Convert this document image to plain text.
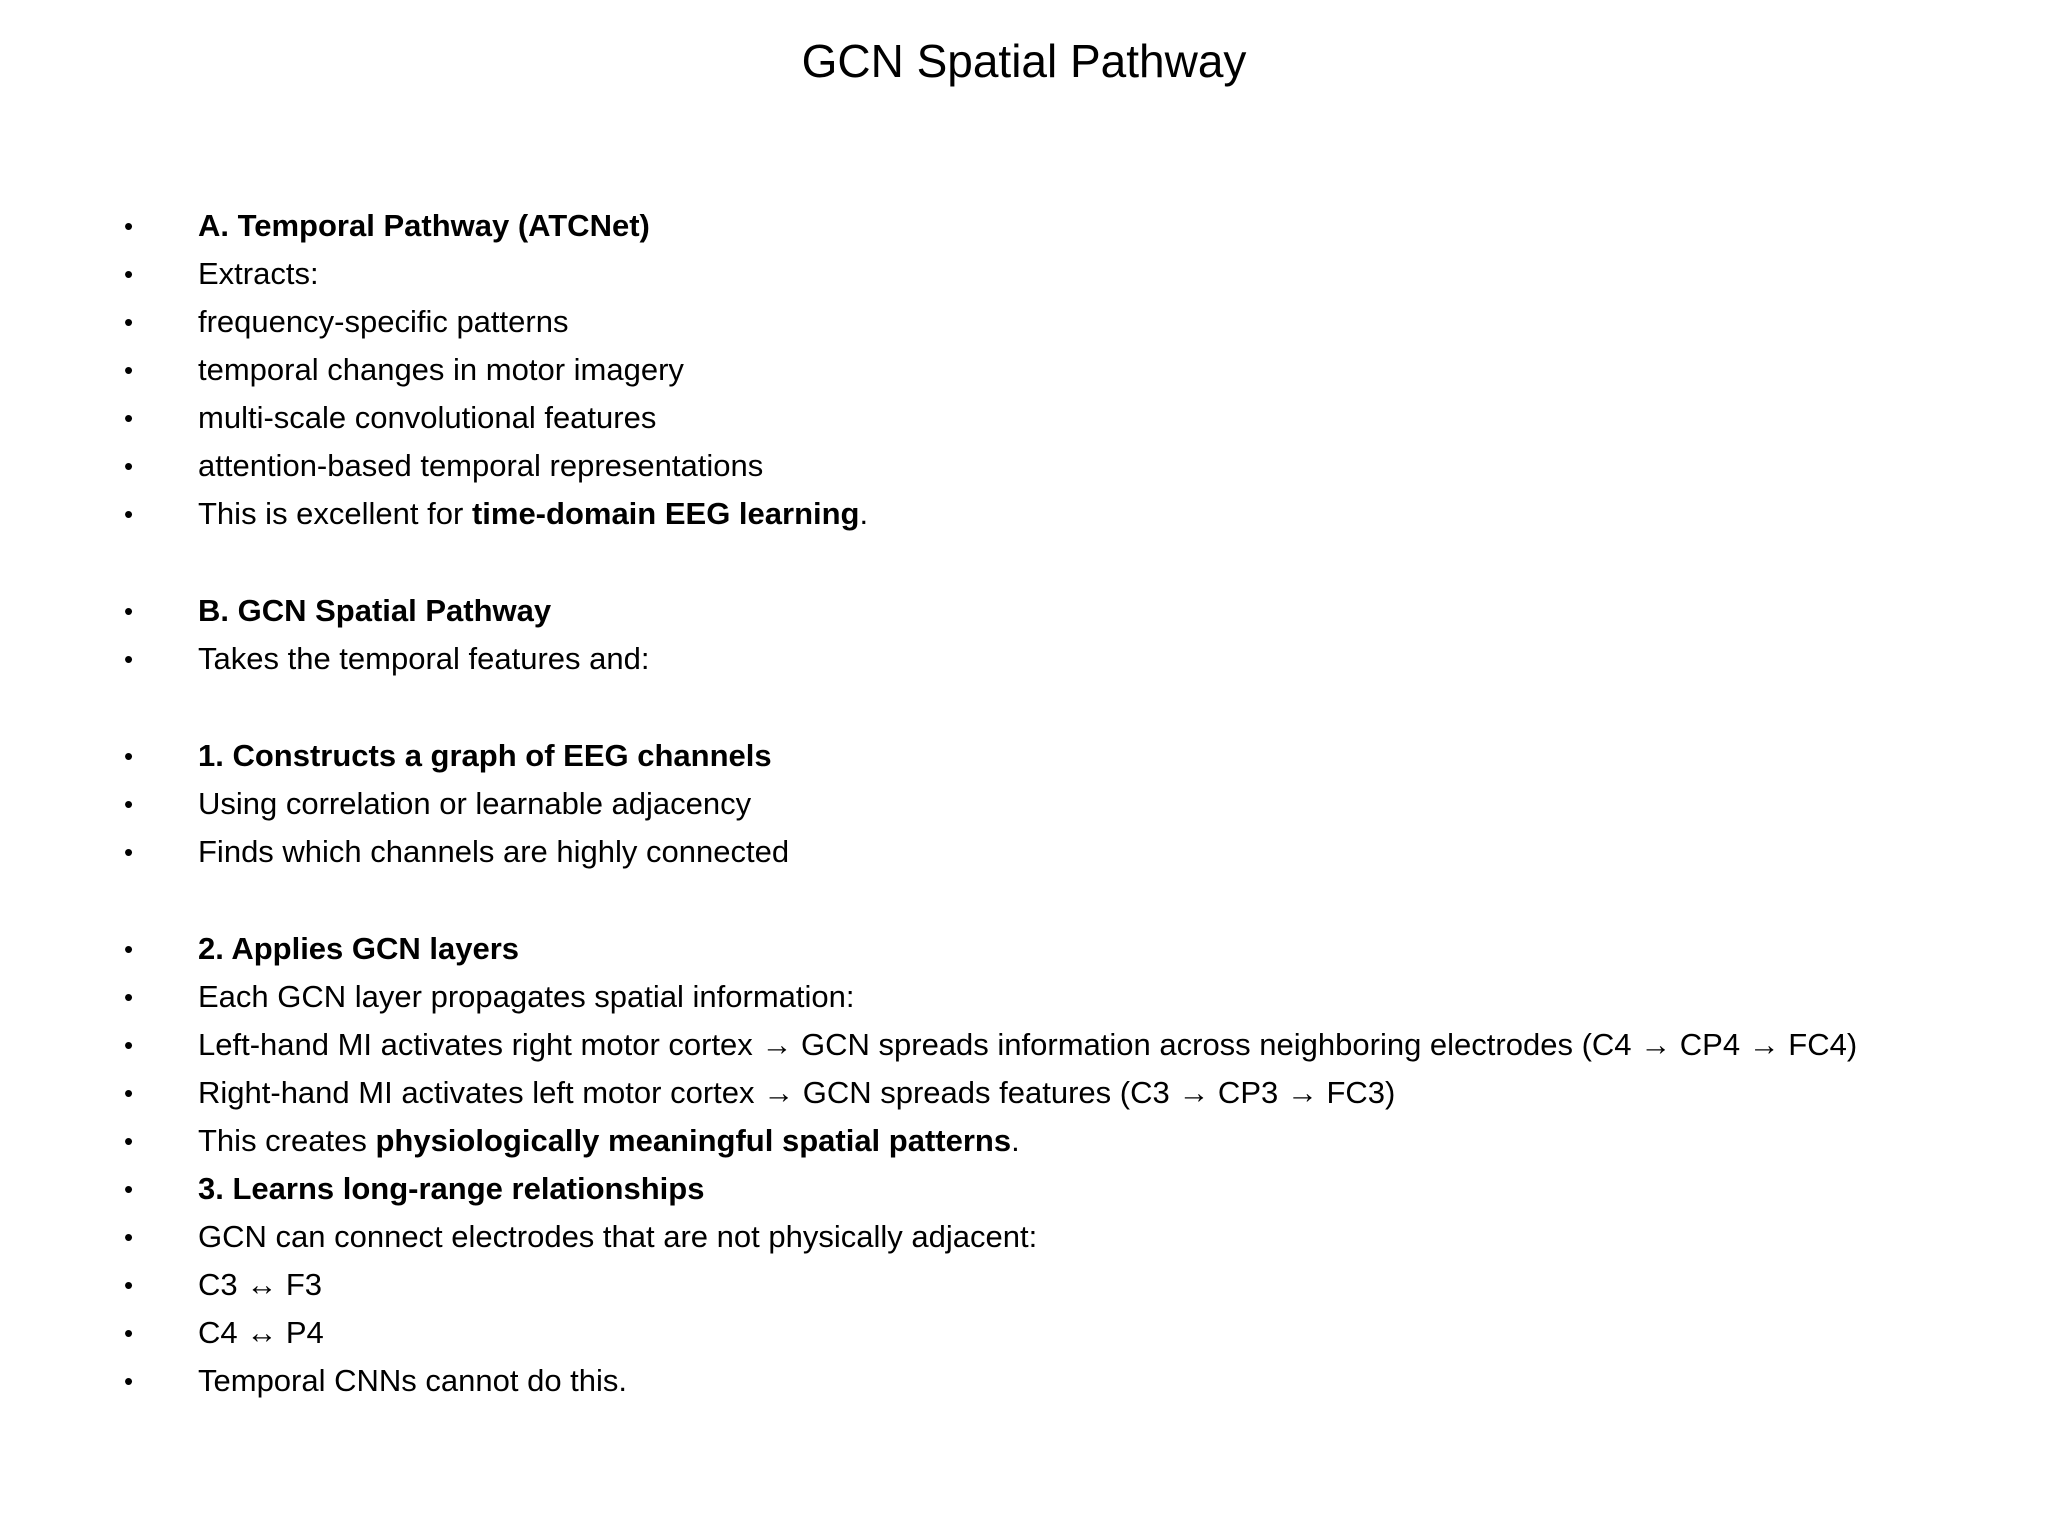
GCN Spatial Pathway
• A. Temporal Pathway (ATCNet)
• Extracts:
• frequency-specific patterns
• temporal changes in motor imagery
• multi-scale convolutional features
• attention-based temporal representations
• This is excellent for time-domain EEG learning.
• B. GCN Spatial Pathway
• Takes the temporal features and:
• 1. Constructs a graph of EEG channels
• Using correlation or learnable adjacency
• Finds which channels are highly connected
• 2. Applies GCN layers
• Each GCN layer propagates spatial information:
• Left-hand MI activates right motor cortex → GCN spreads information across neighboring electrodes (C4 → CP4 → FC4)
• Right-hand MI activates left motor cortex → GCN spreads features (C3 → CP3 → FC3)
• This creates physiologically meaningful spatial patterns.
• 3. Learns long-range relationships
• GCN can connect electrodes that are not physically adjacent:
• C3 ↔ F3
• C4 ↔ P4
• Temporal CNNs cannot do this.
